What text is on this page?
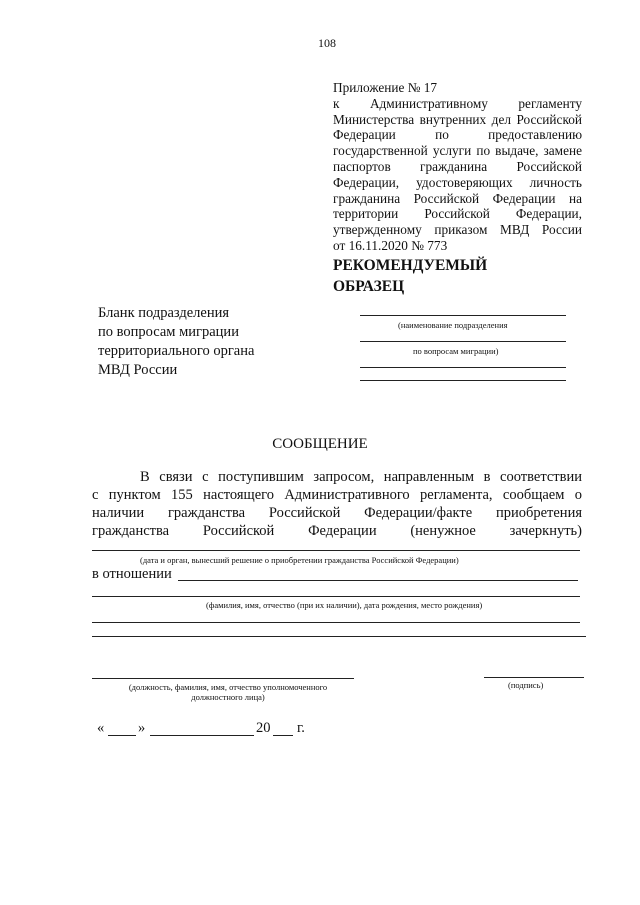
108
Приложение № 17
к Административному регламенту
Министерства внутренних дел Российской
Федерации по предоставлению
государственной услуги по выдаче, замене
паспортов гражданина Российской
Федерации, удостоверяющих личность
гражданина Российской Федерации на
территории Российской Федерации,
утвержденному приказом МВД России
от 16.11.2020 № 773
РЕКОМЕНДУЕМЫЙ
ОБРАЗЕЦ
Бланк подразделения
по вопросам миграции
территориального органа
МВД России
(наименование подразделения
по вопросам миграции)
СООБЩЕНИЕ
В связи с поступившим запросом, направленным в соответствии
с пунктом 155 настоящего Административного регламента, сообщаем о
наличии гражданства Российской Федерации/факте приобретения
гражданства Российской Федерации (ненужное зачеркнуть)
(дата и орган, вынесший решение о приобретении гражданства Российской Федерации)
в отношении
(фамилия, имя, отчество (при их наличии), дата рождения, место рождения)
(должность, фамилия, имя, отчество уполномоченного
должностного лица)
(подпись)
« »	20 г.
